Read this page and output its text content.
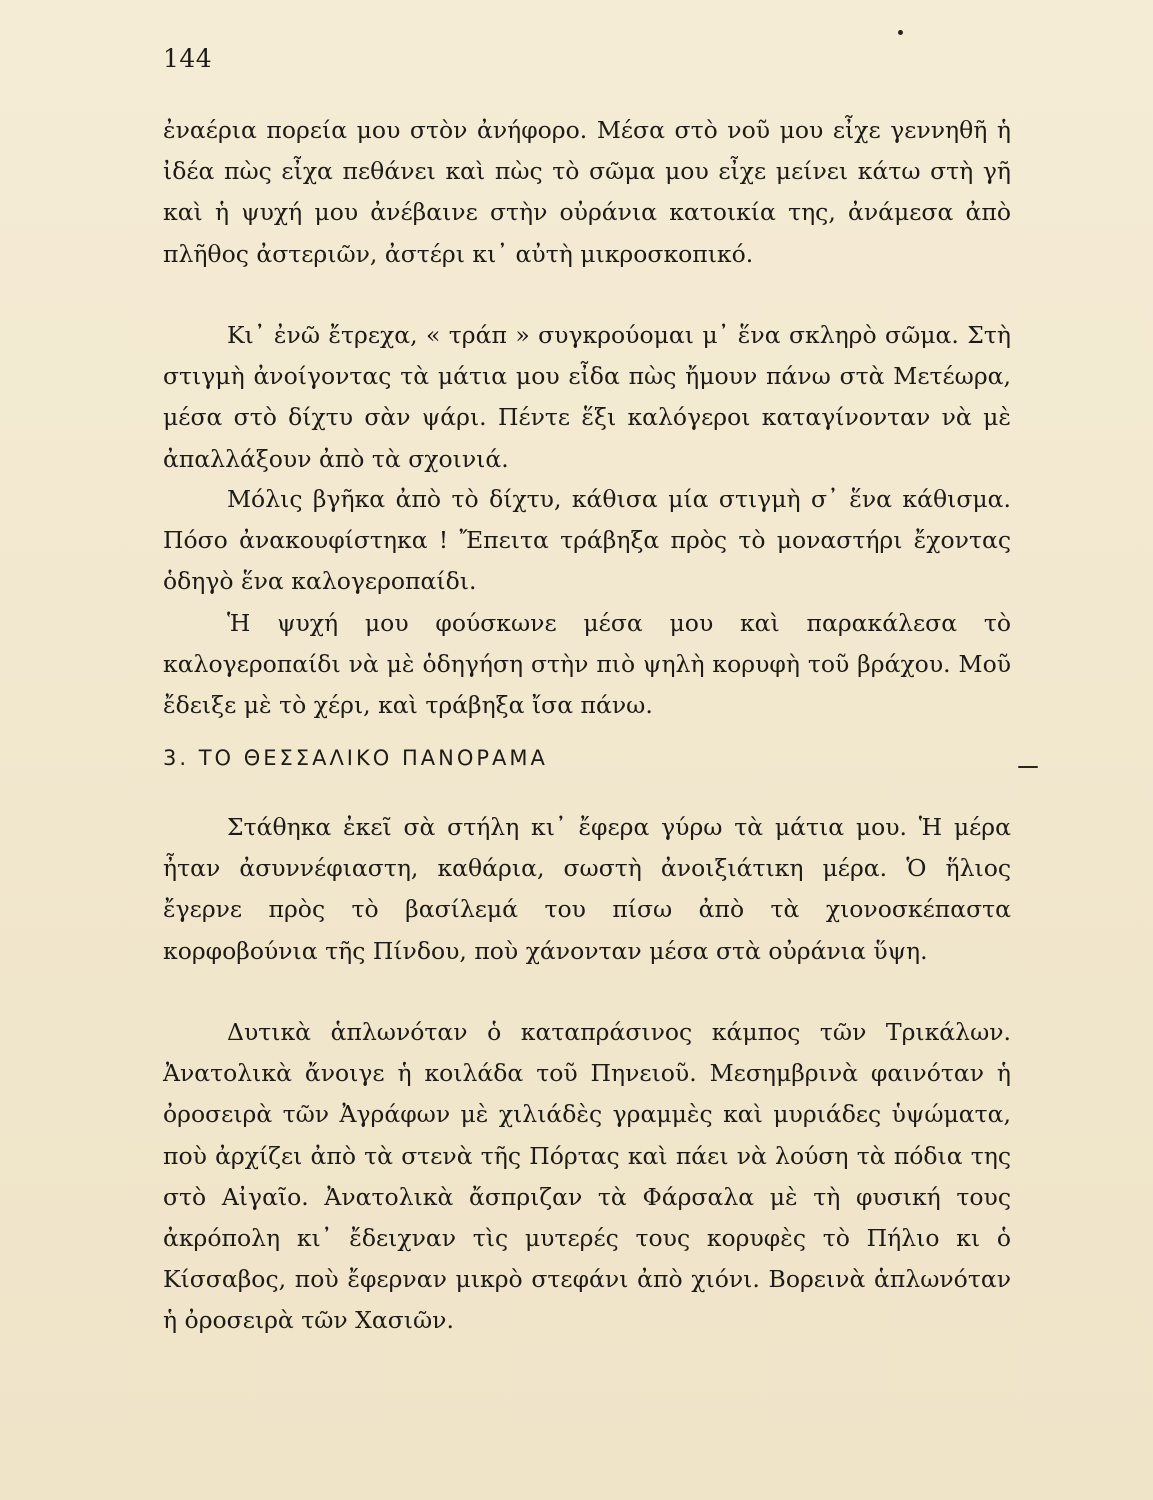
144

ἐναέρια πορεία μου στὸν ἀνήφορο. Μέσα στὸ νοῦ μου εἶχε γεννηθῆ ἡ ἰδέα πὼς εἶχα πεθάνει καὶ πὼς τὸ σῶμα μου εἶχε μείνει κάτω στὴ γῆ καὶ ἡ ψυχή μου ἀνέβαινε στὴν οὐράνια κατοικία της, ἀνάμεσα ἀπὸ πλῆθος ἀστεριῶν, ἀστέρι κι᾽ αὐτὴ μικροσκοπικό.

Κι᾽ ἐνῶ ἔτρεχα, « τράπ » συγκρούομαι μ᾽ ἕνα σκληρὸ σῶμα. Στὴ στιγμὴ ἀνοίγοντας τὰ μάτια μου εἶδα πὼς ἤμουν πάνω στὰ Μετέωρα, μέσα στὸ δίχτυ σὰν ψάρι. Πέντε ἕξι καλόγεροι καταγίνονταν νὰ μὲ ἀπαλλάξουν ἀπὸ τὰ σχοινιά.

Μόλις βγῆκα ἀπὸ τὸ δίχτυ, κάθισα μία στιγμὴ σ᾽ ἕνα κάθισμα. Πόσο ἀνακουφίστηκα ! Ἔπειτα τράβηξα πρὸς τὸ μοναστήρι ἔχοντας ὁδηγὸ ἕνα καλογεροπαίδι.

Ἡ ψυχή μου φούσκωνε μέσα μου καὶ παρακάλεσα τὸ καλογεροπαίδι νὰ μὲ ὁδηγήση στὴν πιὸ ψηλὴ κορυφὴ τοῦ βράχου. Μοῦ ἔδειξε μὲ τὸ χέρι, καὶ τράβηξα ἴσα πάνω.

3. ΤΟ ΘΕΣΣΑΛΙΚΟ ΠΑΝΟΡΑΜΑ

Στάθηκα ἐκεῖ σὰ στήλη κι᾽ ἔφερα γύρω τὰ μάτια μου. Ἡ μέρα ἦταν ἀσυννέφιαστη, καθάρια, σωστὴ ἀνοιξιάτικη μέρα. Ὁ ἥλιος ἔγερνε πρὸς τὸ βασίλεμά του πίσω ἀπὸ τὰ χιονοσκέπαστα κορφοβούνια τῆς Πίνδου, ποὺ χάνονταν μέσα στὰ οὐράνια ὕψη.

Δυτικὰ ἁπλωνόταν ὁ καταπράσινος κάμπος τῶν Τρικάλων. Ἀνατολικὰ ἄνοιγε ἡ κοιλάδα τοῦ Πηνειοῦ. Μεσημβρινὰ φαινόταν ἡ ὀροσειρὰ τῶν Ἀγράφων μὲ χιλιάδὲς γραμμὲς καὶ μυριάδες ὑψώματα, ποὺ ἀρχίζει ἀπὸ τὰ στενὰ τῆς Πόρτας καὶ πάει νὰ λούση τὰ πόδια της στὸ Αἰγαῖο. Ἀνατολικὰ ἄσπριζαν τὰ Φάρσαλα μὲ τὴ φυσική τους ἀκρόπολη κι᾽ ἔδειχναν τὶς μυτερές τους κορυφὲς τὸ Πήλιο κι ὁ Κίσσαβος, ποὺ ἔφερναν μικρὸ στεφάνι ἀπὸ χιόνι. Βορεινὰ ἁπλωνόταν ἡ ὀροσειρὰ τῶν Χασιῶν.
